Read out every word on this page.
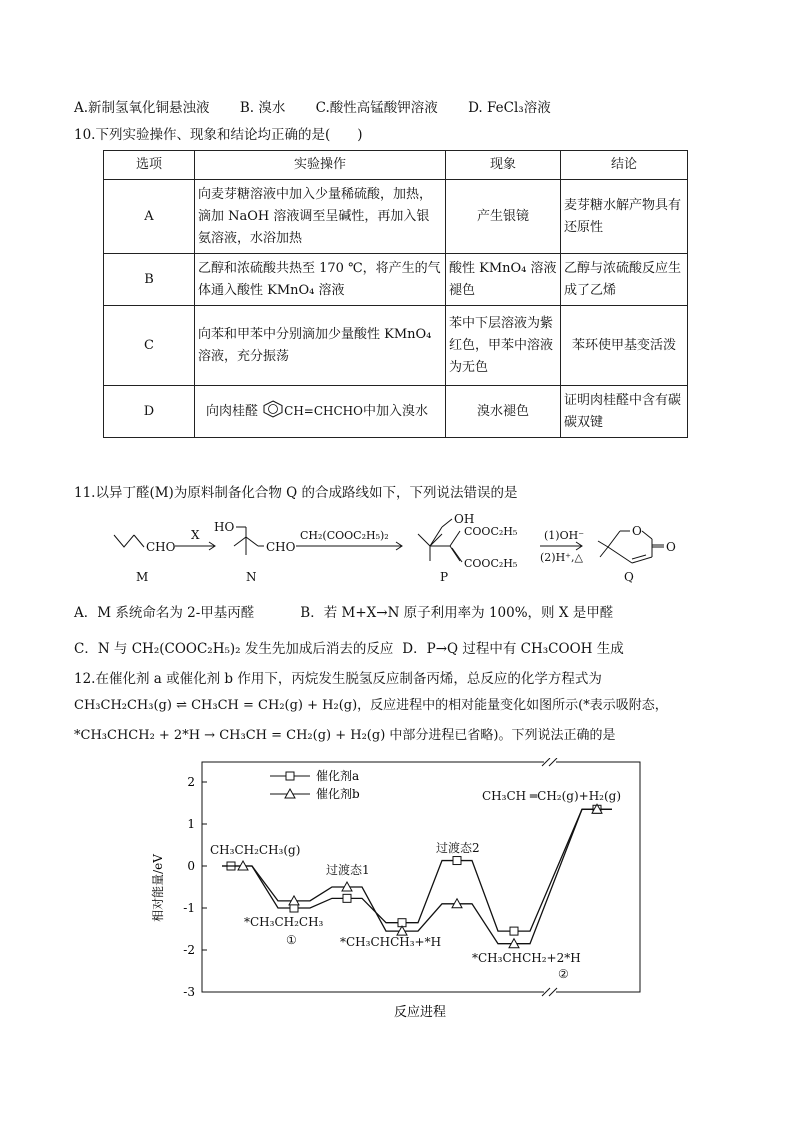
A.新制氢氧化铜悬浊液 B. 溴水 C.酸性高锰酸钾溶液 D. FeCl₃溶液
10.下列实验操作、现象和结论均正确的是(　　)
选项	实验操作	现象	结论
A	向麦芽糖溶液中加入少量稀硫酸，加热，滴加 NaOH 溶液调至呈碱性，再加入银氨溶液，水浴加热	产生银镜	麦芽糖水解产物具有还原性
B	乙醇和浓硫酸共热至 170 ℃，将产生的气体通入酸性 KMnO₄ 溶液	酸性 KMnO₄ 溶液褪色	乙醇与浓硫酸反应生成了乙烯
C	向苯和甲苯中分别滴加少量酸性 KMnO₄ 溶液，充分振荡	苯中下层溶液为紫红色，甲苯中溶液为无色	苯环使甲基变活泼
D	向肉桂醛 CH=CHCHO中加入溴水	溴水褪色	证明肉桂醛中含有碳碳双键
11.以异丁醛(M)为原料制备化合物 Q 的合成路线如下，下列说法错误的是
CHO
X
HO
CHO
CH₂(COOC₂H₅)₂
OH
COOC₂H₅
COOC₂H₅
(1)OH⁻
(2)H⁺,△
O
O
M	N	P	Q
A．M 系统命名为 2-甲基丙醛	B．若 M+X→N 原子利用率为 100%，则 X 是甲醛
C．N 与 CH₂(COOC₂H₅)₂ 发生先加成后消去的反应 D．P→Q 过程中有 CH₃COOH 生成
12.在催化剂 a 或催化剂 b 作用下，丙烷发生脱氢反应制备丙烯，总反应的化学方程式为
CH₃CH₂CH₃(g) ⇌ CH₃CH = CH₂(g) + H₂(g)，反应进程中的相对能量变化如图所示(*表示吸附态，
*CH₃CHCH₂ + 2*H → CH₃CH = CH₂(g) + H₂(g) 中部分进程已省略)。下列说法正确的是
2
1
0
-1
-2
-3
催化剂a
催化剂b
CH₃CH₂CH₃(g)
*CH₃CH₂CH₃
①
过渡态1
*CH₃CHCH₃+*H
过渡态2
*CH₃CHCH₂+2*H
②
CH₃CH ═CH₂(g)+H₂(g)
相对能量/eV
反应进程
